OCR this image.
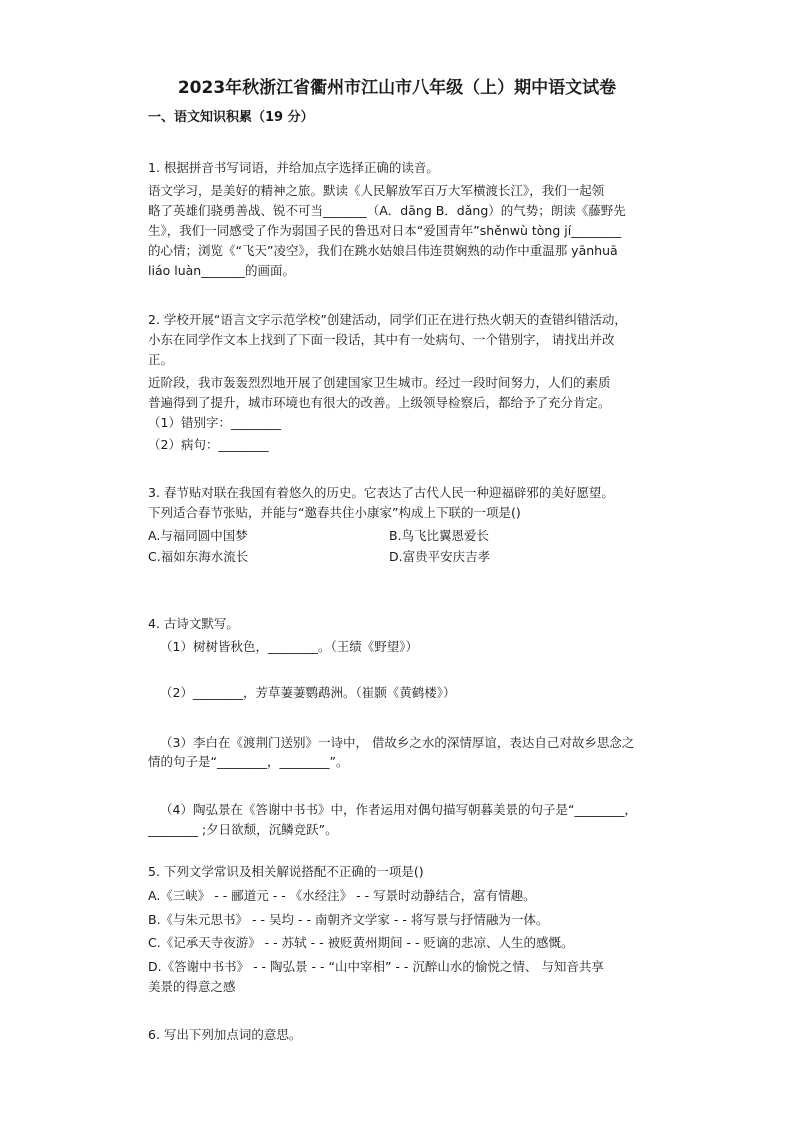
2023年秋浙江省衢州市江山市八年级（上）期中语文试卷
一、语文知识积累（19 分）
1. 根据拼音书写词语，并给加点字选择正确的读音。
语文学习，是美好的精神之旅。默读《人民解放军百万大军横渡长江》，我们一起领
略了英雄们骁勇善战、锐不可当_______（A．dāng B．dǎng）的气势；朗读《藤野先
生》，我们一同感受了作为弱国子民的鲁迅对日本“爱国青年”shěnwù tòng jí________
的心情；浏览《“飞天”凌空》，我们在跳水姑娘吕伟连贯娴熟的动作中重温那 yānhuā
liáo luàn_______的画面。
2. 学校开展“语言文字示范学校”创建活动，同学们正在进行热火朝天的查错纠错活动，
小东在同学作文本上找到了下面一段话，其中有一处病句、一个错别字， 请找出并改
正。
近阶段，我市轰轰烈烈地开展了创建国家卫生城市。经过一段时间努力，人们的素质
普遍得到了提升，城市环境也有很大的改善。上级领导检察后，都给予了充分肯定。
（1）错别字：________
（2）病句：________
3. 春节贴对联在我国有着悠久的历史。它表达了古代人民一种迎福辟邪的美好愿望。
下列适合春节张贴，并能与“邀春共住小康家”构成上下联的一项是()
A.与福同圆中国梦	B.鸟飞比翼恩爱长
C.福如东海水流长	D.富贵平安庆吉孝
4. 古诗文默写。
（1）树树皆秋色，________。（王绩《野望》）
（2）________，芳草萋萋鹦鹉洲。（崔颢《黄鹤楼》）
（3）李白在《渡荆门送别》一诗中， 借故乡之水的深情厚谊，表达自己对故乡思念之
情的句子是“________，________”。
（4）陶弘景在《答谢中书书》中，作者运用对偶句描写朝暮美景的句子是“________，
________ ;夕日欲颓，沉鳞竞跃”。
5. 下列文学常识及相关解说搭配不正确的一项是()
A.《三峡》 - - 郦道元 - - 《水经注》 - - 写景时动静结合，富有情趣。
B.《与朱元思书》 - - 吴均 - - 南朝齐文学家 - - 将写景与抒情融为一体。
C.《记承天寺夜游》 - - 苏轼 - - 被贬黄州期间 - - 贬谪的悲凉、人生的感慨。
D.《答谢中书书》 - - 陶弘景 - - “山中宰相” - - 沉醉山水的愉悦之情、 与知音共享
美景的得意之感
6. 写出下列加点词的意思。
